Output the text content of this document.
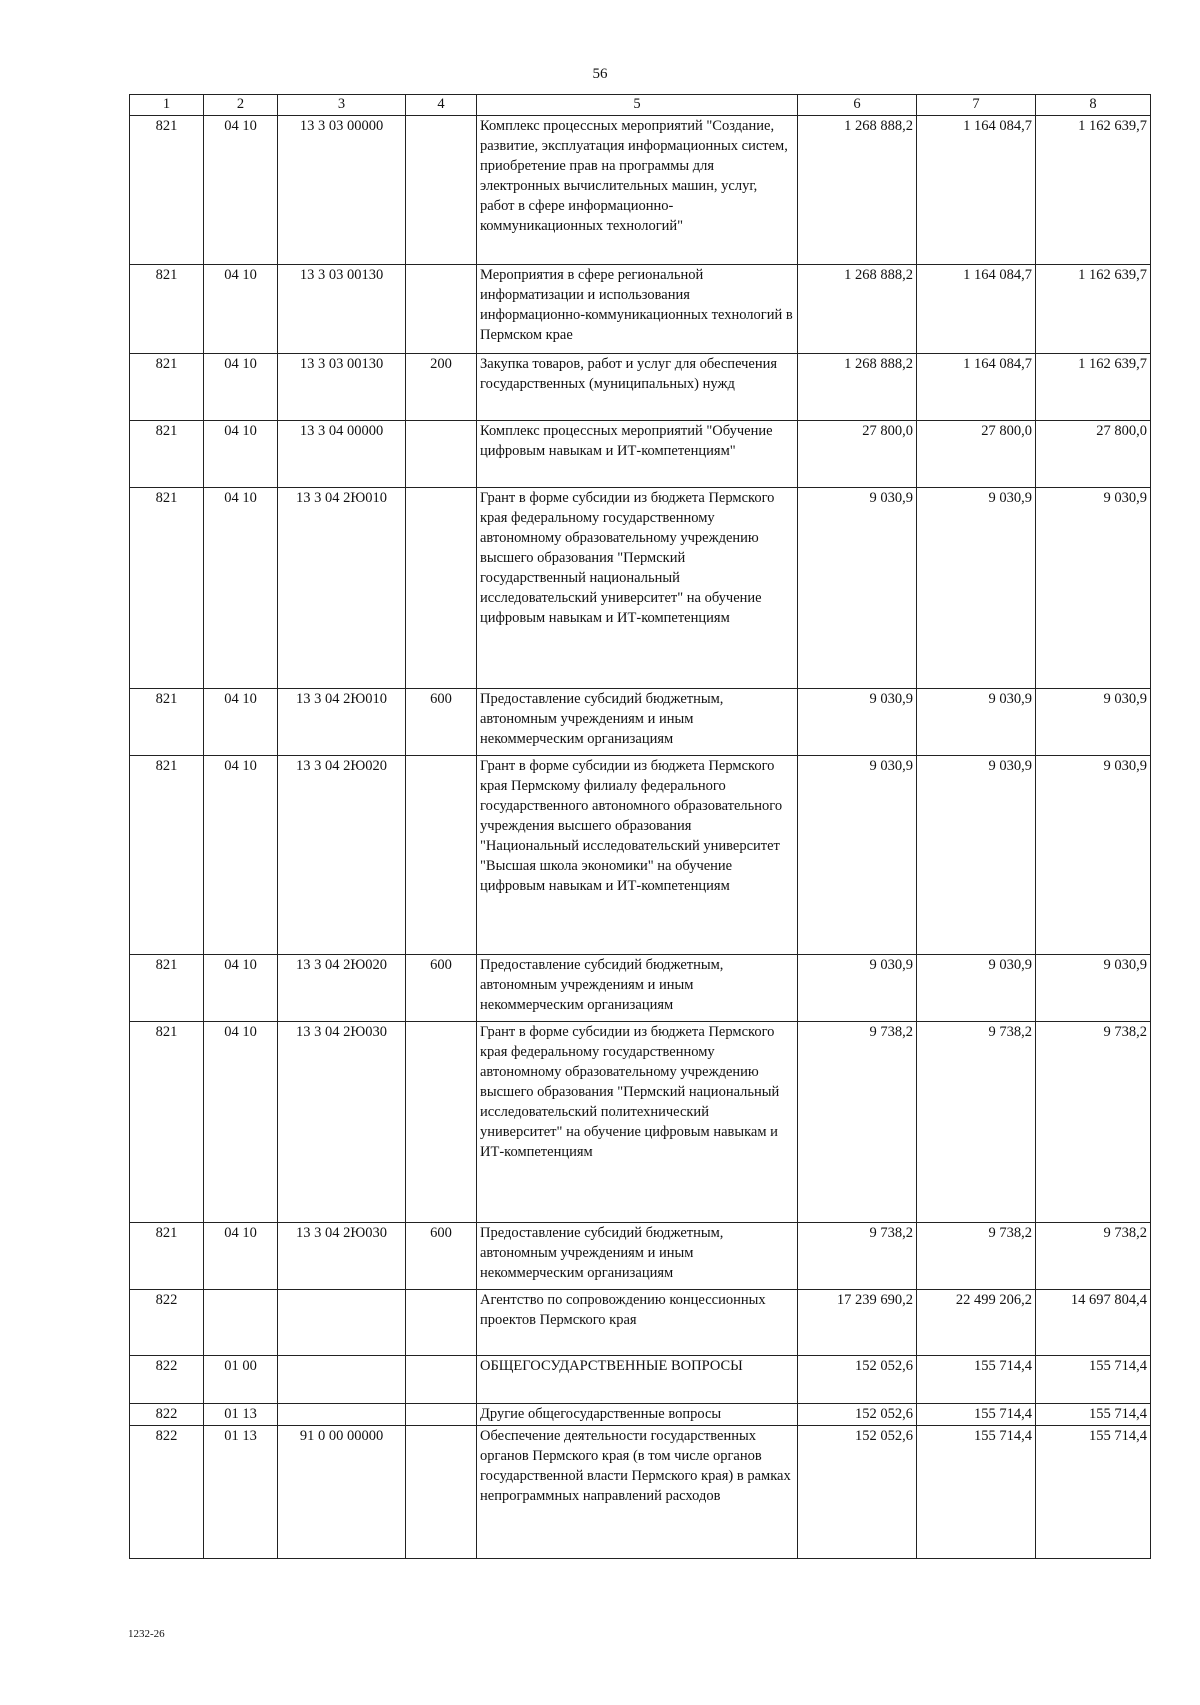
56
1	2	3	4	5	6	7	8
821	04 10	13 3 03 00000		Комплекс процессных мероприятий "Создание, развитие, эксплуатация информационных систем, приобретение прав на программы для электронных вычислительных машин, услуг, работ в сфере информационно-коммуникационных технологий"	1 268 888,2	1 164 084,7	1 162 639,7
821	04 10	13 3 03 00130		Мероприятия в сфере региональной информатизации и использования информационно-коммуникационных технологий в Пермском крае	1 268 888,2	1 164 084,7	1 162 639,7
821	04 10	13 3 03 00130	200	Закупка товаров, работ и услуг для обеспечения государственных (муниципальных) нужд	1 268 888,2	1 164 084,7	1 162 639,7
821	04 10	13 3 04 00000		Комплекс процессных мероприятий "Обучение цифровым навыкам и ИТ-компетенциям"	27 800,0	27 800,0	27 800,0
821	04 10	13 3 04 2Ю010		Грант в форме субсидии из бюджета Пермского края федеральному государственному автономному образовательному учреждению высшего образования "Пермский государственный национальный исследовательский университет" на обучение цифровым навыкам и ИТ-компетенциям	9 030,9	9 030,9	9 030,9
821	04 10	13 3 04 2Ю010	600	Предоставление субсидий бюджетным, автономным учреждениям и иным некоммерческим организациям	9 030,9	9 030,9	9 030,9
821	04 10	13 3 04 2Ю020		Грант в форме субсидии из бюджета Пермского края Пермскому филиалу федерального государственного автономного образовательного учреждения высшего образования "Национальный исследовательский университет "Высшая школа экономики" на обучение цифровым навыкам и ИТ-компетенциям	9 030,9	9 030,9	9 030,9
821	04 10	13 3 04 2Ю020	600	Предоставление субсидий бюджетным, автономным учреждениям и иным некоммерческим организациям	9 030,9	9 030,9	9 030,9
821	04 10	13 3 04 2Ю030		Грант в форме субсидии из бюджета Пермского края федеральному государственному автономному образовательному учреждению высшего образования "Пермский национальный исследовательский политехнический университет" на обучение цифровым навыкам и ИТ-компетенциям	9 738,2	9 738,2	9 738,2
821	04 10	13 3 04 2Ю030	600	Предоставление субсидий бюджетным, автономным учреждениям и иным некоммерческим организациям	9 738,2	9 738,2	9 738,2
822				Агентство по сопровождению концессионных проектов Пермского края	17 239 690,2	22 499 206,2	14 697 804,4
822	01 00			ОБЩЕГОСУДАРСТВЕННЫЕ ВОПРОСЫ	152 052,6	155 714,4	155 714,4
822	01 13			Другие общегосударственные вопросы	152 052,6	155 714,4	155 714,4
822	01 13	91 0 00 00000		Обеспечение деятельности государственных органов Пермского края (в том числе органов государственной власти Пермского края) в рамках непрограммных направлений расходов	152 052,6	155 714,4	155 714,4
1232-26
